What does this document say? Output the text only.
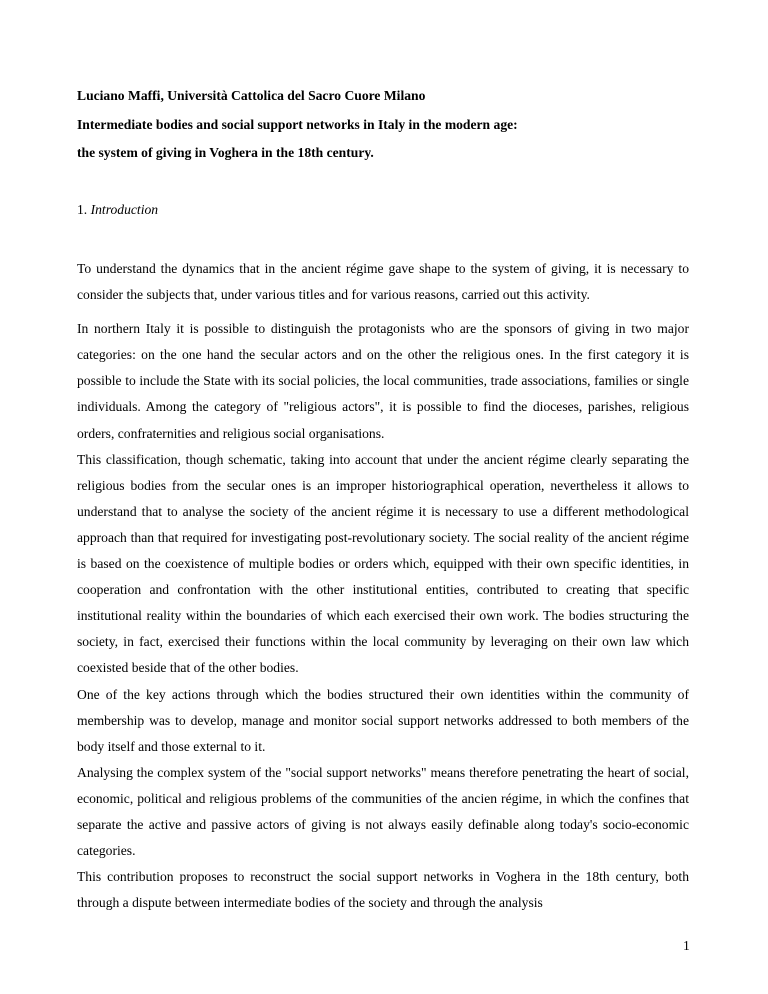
Luciano Maffi, Università Cattolica del Sacro Cuore Milano
Intermediate bodies and social support networks in Italy in the modern age:
the system of giving in Voghera in the 18th century.
1. Introduction

To understand the dynamics that in the ancient régime gave shape to the system of giving, it is necessary to consider the subjects that, under various titles and for various reasons, carried out this activity.

In northern Italy it is possible to distinguish the protagonists who are the sponsors of giving in two major categories: on the one hand the secular actors and on the other the religious ones. In the first category it is possible to include the State with its social policies, the local communities, trade associations, families or single individuals. Among the category of "religious actors", it is possible to find the dioceses, parishes, religious orders, confraternities and religious social organisations.

This classification, though schematic, taking into account that under the ancient régime clearly separating the religious bodies from the secular ones is an improper historiographical operation, nevertheless it allows to understand that to analyse the society of the ancient régime it is necessary to use a different methodological approach than that required for investigating post-revolutionary society. The social reality of the ancient régime is based on the coexistence of multiple bodies or orders which, equipped with their own specific identities, in cooperation and confrontation with the other institutional entities, contributed to creating that specific institutional reality within the boundaries of which each exercised their own work. The bodies structuring the society, in fact, exercised their functions within the local community by leveraging on their own law which coexisted beside that of the other bodies.

One of the key actions through which the bodies structured their own identities within the community of membership was to develop, manage and monitor social support networks addressed to both members of the body itself and those external to it.

Analysing the complex system of the "social support networks" means therefore penetrating the heart of social, economic, political and religious problems of the communities of the ancien régime, in which the confines that separate the active and passive actors of giving is not always easily definable along today's socio-economic categories.

This contribution proposes to reconstruct the social support networks in Voghera in the 18th century, both through a dispute between intermediate bodies of the society and through the analysis

1
